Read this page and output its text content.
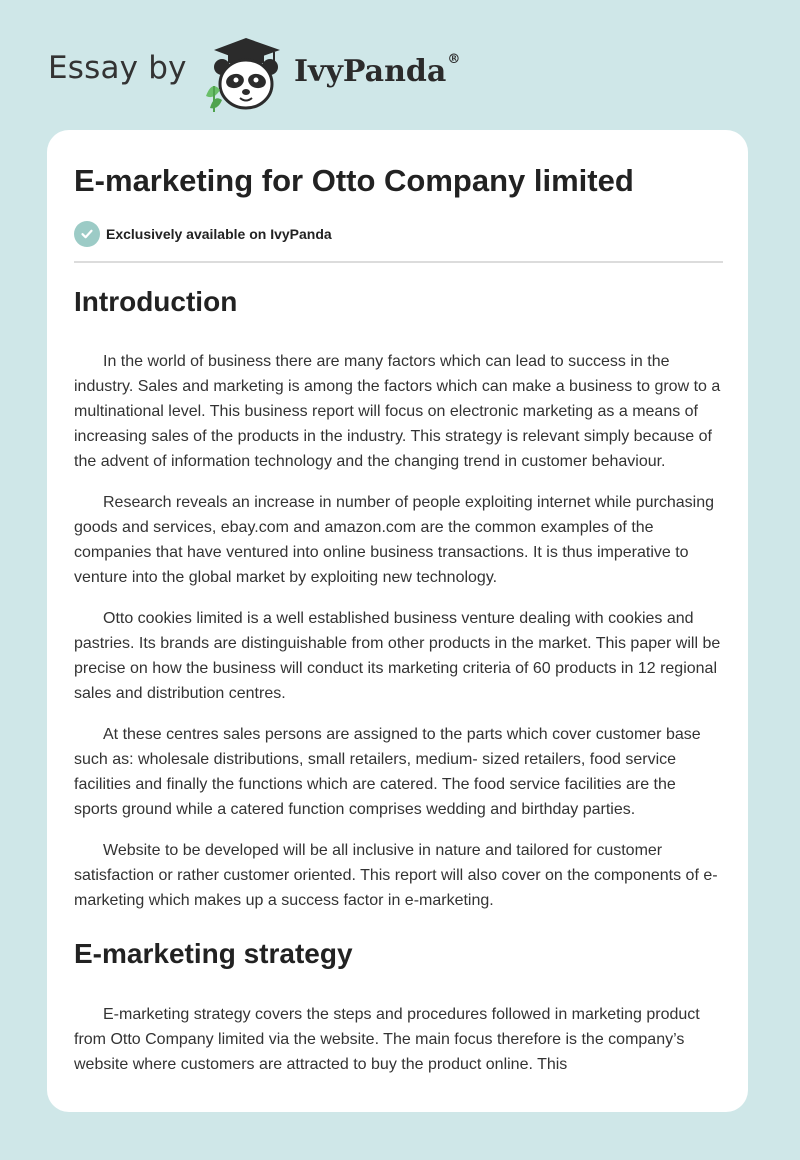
Essay by	IvyPanda®
E-marketing for Otto Company limited
Exclusively available on IvyPanda
Introduction

In the world of business there are many factors which can lead to success in the industry. Sales and marketing is among the factors which can make a business to grow to a multinational level. This business report will focus on electronic marketing as a means of increasing sales of the products in the industry. This strategy is relevant simply because of the advent of information technology and the changing trend in customer behaviour.

Research reveals an increase in number of people exploiting internet while purchasing goods and services, ebay.com and amazon.com are the common examples of the companies that have ventured into online business transactions. It is thus imperative to venture into the global market by exploiting new technology.

Otto cookies limited is a well established business venture dealing with cookies and pastries. Its brands are distinguishable from other products in the market. This paper will be precise on how the business will conduct its marketing criteria of 60 products in 12 regional sales and distribution centres.

At these centres sales persons are assigned to the parts which cover customer base such as: wholesale distributions, small retailers, medium- sized retailers, food service facilities and finally the functions which are catered. The food service facilities are the sports ground while a catered function comprises wedding and birthday parties.

Website to be developed will be all inclusive in nature and tailored for customer satisfaction or rather customer oriented. This report will also cover on the components of e-marketing which makes up a success factor in e-marketing.

E-marketing strategy

E-marketing strategy covers the steps and procedures followed in marketing product from Otto Company limited via the website. The main focus therefore is the company’s website where customers are attracted to buy the product online. This
